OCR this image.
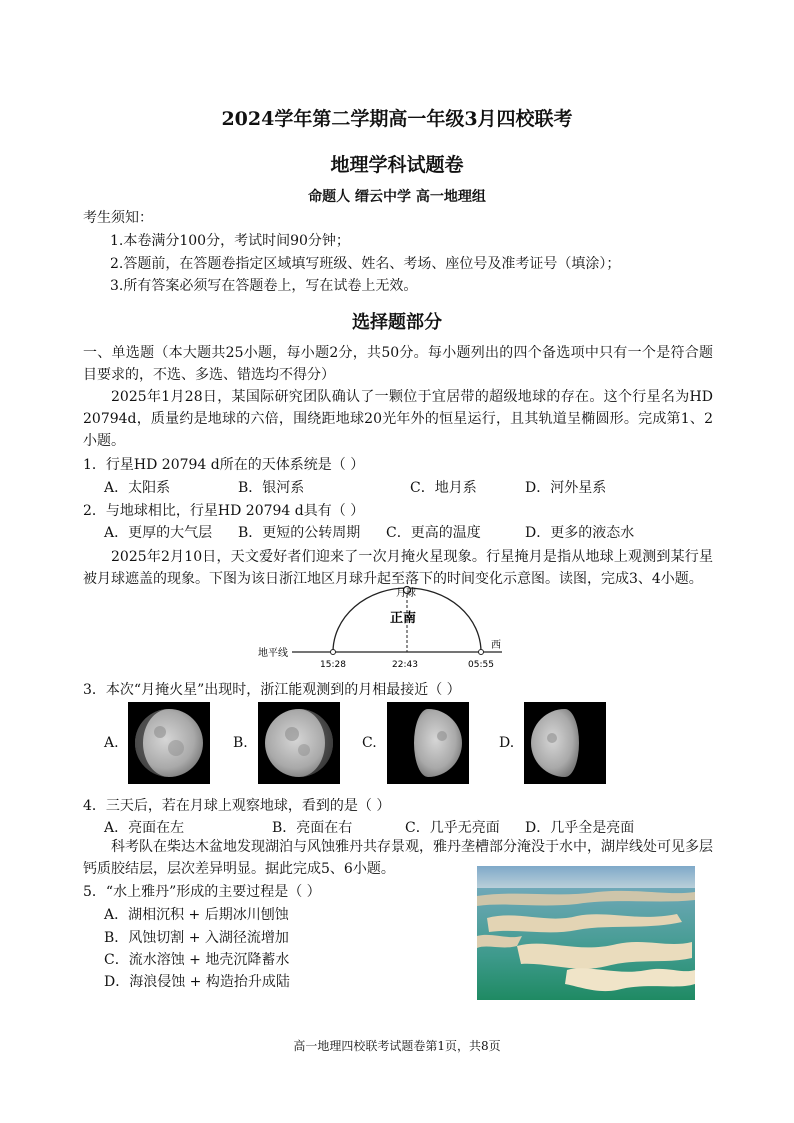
2024学年第二学期高一年级3月四校联考
地理学科试题卷
命题人 缙云中学 高一地理组
考生须知：
1.本卷满分100分，考试时间90分钟；
2.答题前，在答题卷指定区域填写班级、姓名、考场、座位号及准考证号（填涂）；
3.所有答案必须写在答题卷上，写在试卷上无效。
选择题部分
一、单选题（本大题共25小题，每小题2分，共50分。每小题列出的四个备选项中只有一个是符合题目要求的，不选、多选、错选均不得分）
2025年1月28日，某国际研究团队确认了一颗位于宜居带的超级地球的存在。这个行星名为HD 20794d，质量约是地球的六倍，围绕距地球20光年外的恒星运行，且其轨道呈椭圆形。完成第1、2小题。
1．行星HD 20794 d所在的天体系统是（ ）
A．太阳系	B．银河系	C．地月系	D．河外星系
2．与地球相比，行星HD 20794 d具有（ ）
A．更厚的大气层 B．更短的公转周期 C．更高的温度	D．更多的液态水
2025年2月10日，天文爱好者们迎来了一次月掩火星现象。行星掩月是指从地球上观测到某行星被月球遮盖的现象。下图为该日浙江地区月球升起至落下的时间变化示意图。读图，完成3、4小题。
月球
正南
地平线
西
15:28	22:43	05:55
3．本次“月掩火星”出现时，浙江能观测到的月相最接近（ ）
A.	B.	C.	D.
4．三天后，若在月球上观察地球，看到的是（ ）
A．亮面在左	B．亮面在右	C．几乎无亮面 D．几乎全是亮面
科考队在柴达木盆地发现湖泊与风蚀雅丹共存景观，雅丹垄槽部分淹没于水中，湖岸线处可见多层钙质胶结层，层次差异明显。据此完成5、6小题。
5．“水上雅丹”形成的主要过程是（ ）
A．湖相沉积 + 后期冰川刨蚀
B．风蚀切割 + 入湖径流增加
C．流水溶蚀 + 地壳沉降蓄水
D．海浪侵蚀 + 构造抬升成陆
高一地理四校联考试题卷第1页，共8页
